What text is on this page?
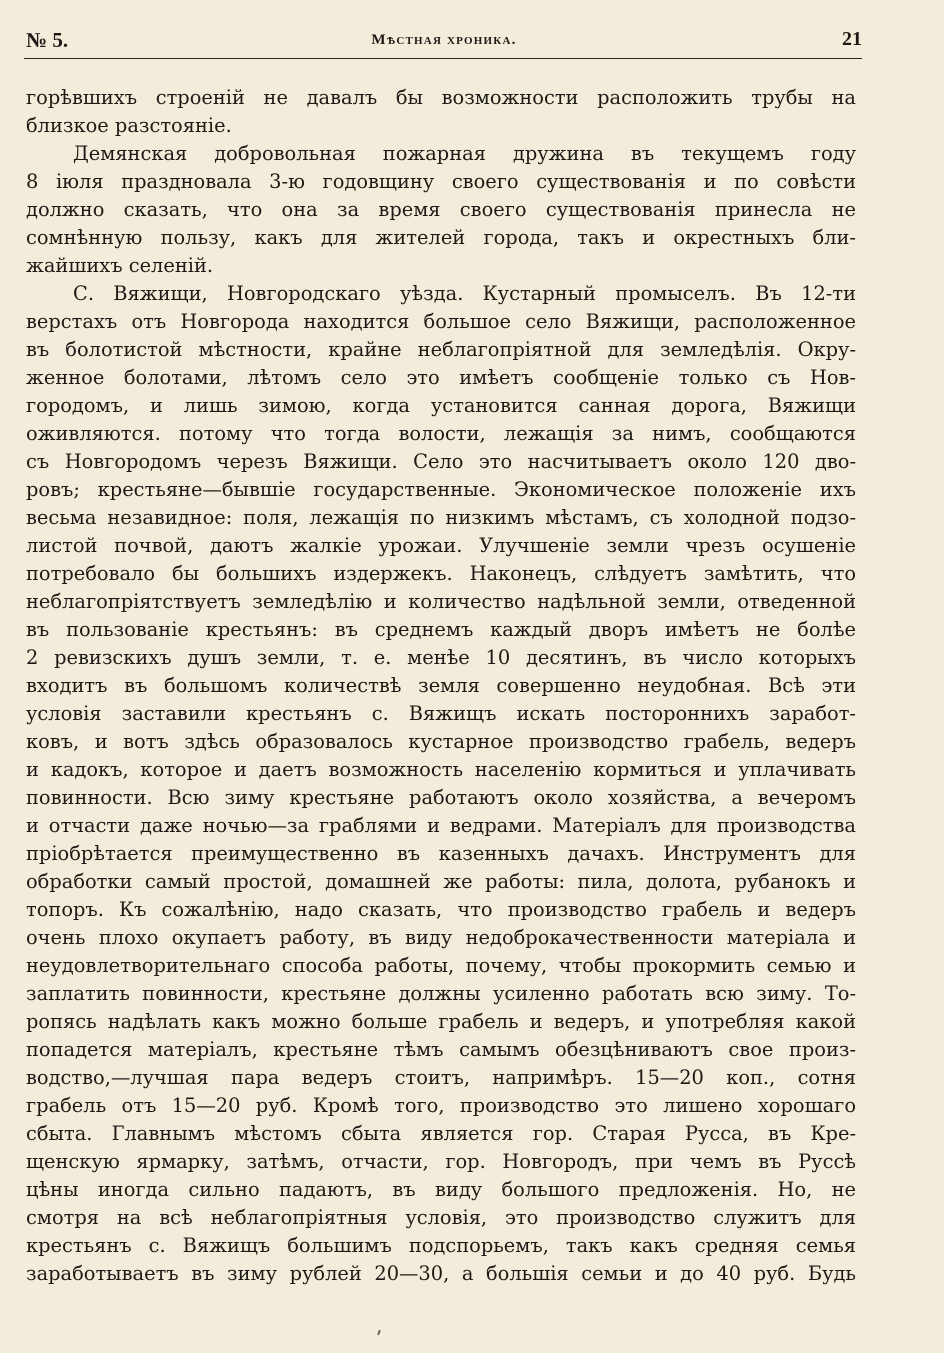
№ 5.	Мѣстная хроника.	21
горѣвшихъ строенiй не давалъ бы возможности расположить трубы на
близкое разстоянiе.
Демянская добровольная пожарная дружина въ текущемъ году
8 iюля праздновала 3-ю годовщину своего существованiя и по совѣсти
должно сказать, что она за время своего существованiя принесла не
сомнѣнную пользу, какъ для жителей города, такъ и окрестныхъ бли-
жайшихъ селенiй.
С. Вяжищи, Новгородскаго уѣзда. Кустарный промыселъ. Въ 12-ти
верстахъ отъ Новгорода находится большое село Вяжищи, расположенное
въ болотистой мѣстности, крайне неблагопрiятной для земледѣлiя. Окру-
женное болотами, лѣтомъ село это имѣетъ сообщенiе только съ Нов-
городомъ, и лишь зимою, когда установится санная дорога, Вяжищи
оживляются. потому что тогда волости, лежащiя за нимъ, сообщаются
съ Новгородомъ черезъ Вяжищи. Село это насчитываетъ около 120 дво-
ровъ; крестьяне—бывшiе государственные. Экономическое положенiе ихъ
весьма незавидное: поля, лежащiя по низкимъ мѣстамъ, съ холодной подзо-
листой почвой, даютъ жалкiе урожаи. Улучшенiе земли чрезъ осушенiе
потребовало бы большихъ издержекъ. Наконецъ, слѣдуетъ замѣтить, что
неблагопрiятствуетъ земледѣлiю и количество надѣльной земли, отведенной
въ пользованiе крестьянъ: въ среднемъ каждый дворъ имѣетъ не болѣе
2 ревизскихъ душъ земли, т. е. менѣе 10 десятинъ, въ число которыхъ
входитъ въ большомъ количествѣ земля совершенно неудобная. Всѣ эти
условiя заставили крестьянъ с. Вяжищъ искать постороннихъ заработ-
ковъ, и вотъ здѣсь образовалось кустарное производство грабель, ведеръ
и кадокъ, которое и даетъ возможность населенiю кормиться и уплачивать
повинности. Всю зиму крестьяне работаютъ около хозяйства, а вечеромъ
и отчасти даже ночью—за граблями и ведрами. Матерiалъ для производства
прiобрѣтается преимущественно въ казенныхъ дачахъ. Инструментъ для
обработки самый простой, домашней же работы: пила, долота, рубанокъ и
топоръ. Къ сожалѣнiю, надо сказать, что производство грабель и ведеръ
очень плохо окупаетъ работу, въ виду недоброкачественности матерiала и
неудовлетворительнаго способа работы, почему, чтобы прокормить семью и
заплатить повинности, крестьяне должны усиленно работать всю зиму. То-
ропясь надѣлать какъ можно больше грабель и ведеръ, и употребляя какой
попадется матерiалъ, крестьяне тѣмъ самымъ обезцѣниваютъ свое произ-
водство,—лучшая пара ведеръ стоитъ, напримѣръ. 15—20 коп., сотня
грабель отъ 15—20 руб. Кромѣ того, производство это лишено хорошаго
сбыта. Главнымъ мѣстомъ сбыта является гор. Старая Русса, въ Кре-
щенскую ярмарку, затѣмъ, отчасти, гор. Новгородъ, при чемъ въ Руссѣ
цѣны иногда сильно падаютъ, въ виду большого предложенiя. Но, не
смотря на всѣ неблагопрiятныя условiя, это производство служитъ для
крестьянъ с. Вяжищъ большимъ подспорьемъ, такъ какъ средняя семья
заработываетъ въ зиму рублей 20—30, а большiя семьи и до 40 руб. Будь
